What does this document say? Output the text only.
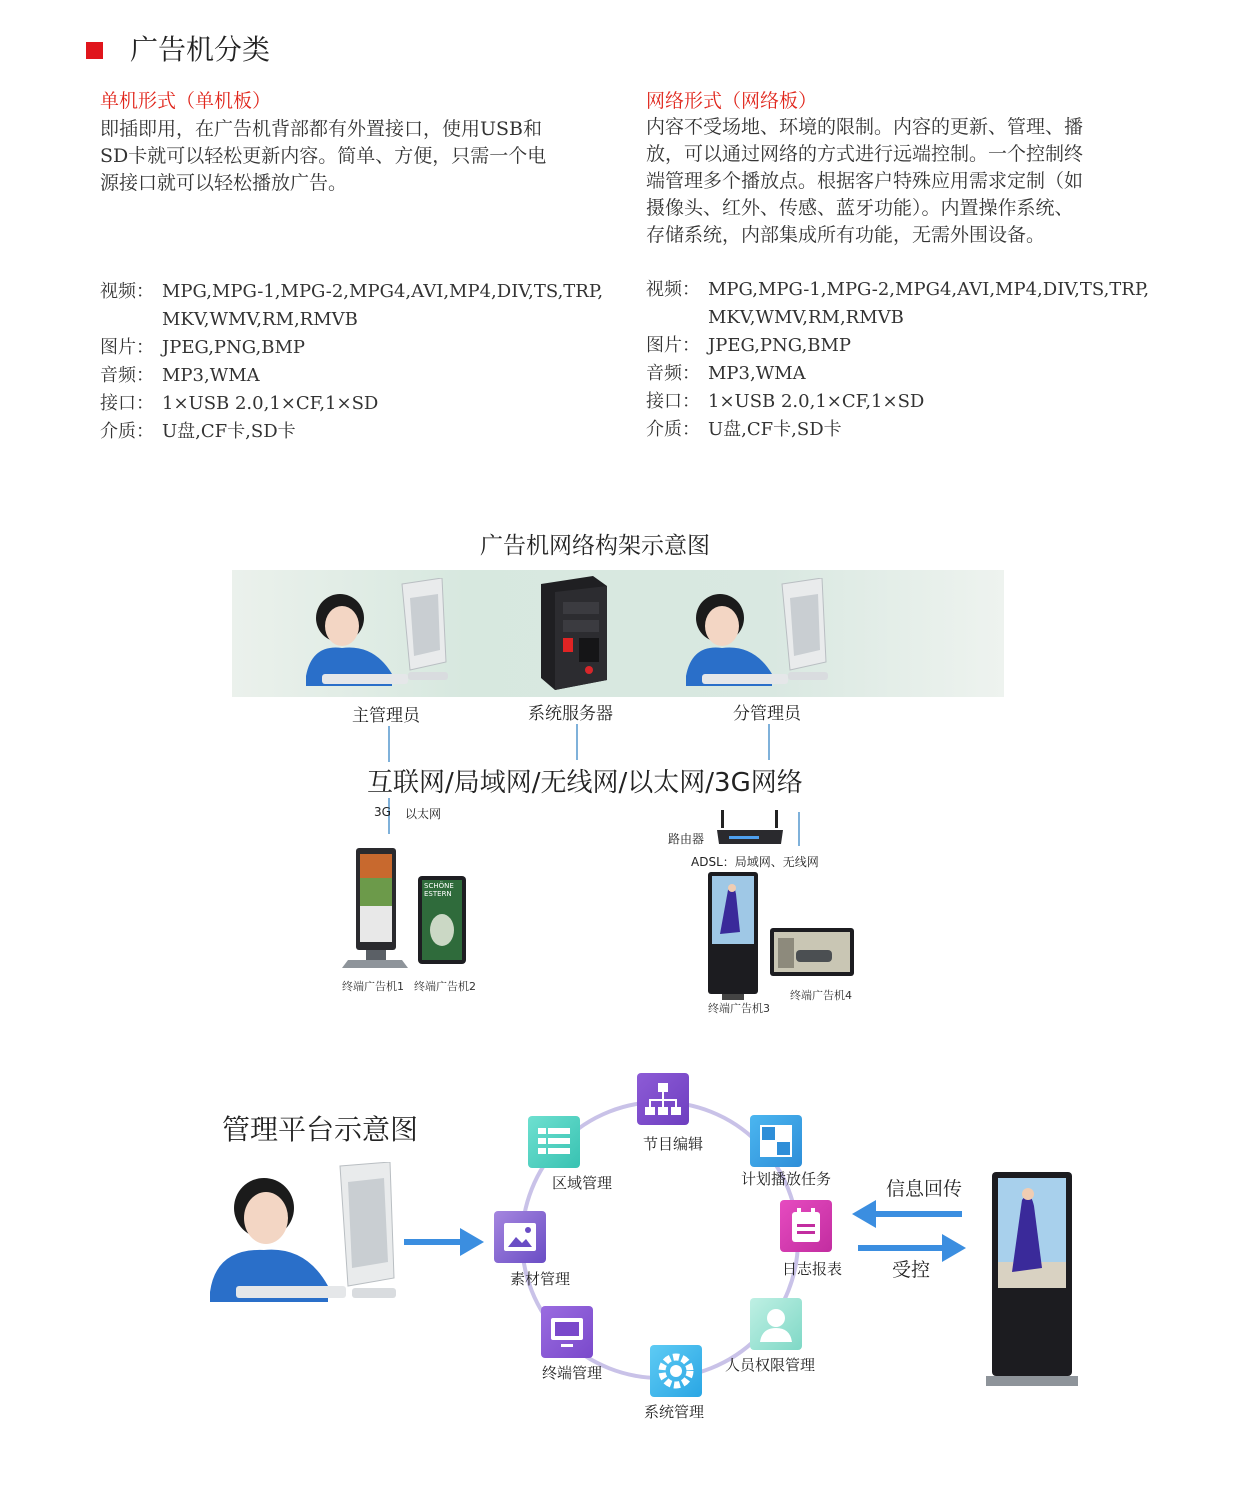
广告机分类
单机形式（单机板）
即插即用，在广告机背部都有外置接口，使用USB和
SD卡就可以轻松更新内容。简单、方便，只需一个电
源接口就可以轻松播放广告。
视频： MPG,MPG-1,MPG-2,MPG4,AVI,MP4,DIV,TS,TRP,
MKV,WMV,RM,RMVB
图片： JPEG,PNG,BMP
音频： MP3,WMA
接口： 1×USB 2.0,1×CF,1×SD
介质： U盘,CF卡,SD卡
网络形式（网络板）
内容不受场地、环境的限制。内容的更新、管理、播
放，可以通过网络的方式进行远端控制。一个控制终
端管理多个播放点。根据客户特殊应用需求定制（如
摄像头、红外、传感、蓝牙功能）。内置操作系统、
存储系统，内部集成所有功能，无需外围设备。
视频： MPG,MPG-1,MPG-2,MPG4,AVI,MP4,DIV,TS,TRP,
MKV,WMV,RM,RMVB
图片： JPEG,PNG,BMP
音频： MP3,WMA
接口： 1×USB 2.0,1×CF,1×SD
介质： U盘,CF卡,SD卡
广告机网络构架示意图
主管理员	系统服务器	分管理员
互联网/局域网/无线网/以太网/3G网络
3G 以太网
SCHÖNE
ESTERN
终端广告机1 终端广告机2
路由器
ADSL：局域网、无线网
终端广告机3
终端广告机4
管理平台示意图	节目编辑
计划播放任务
日志报表
人员权限管理
系统管理
终端管理
素材管理
区域管理	信息回传
受控
